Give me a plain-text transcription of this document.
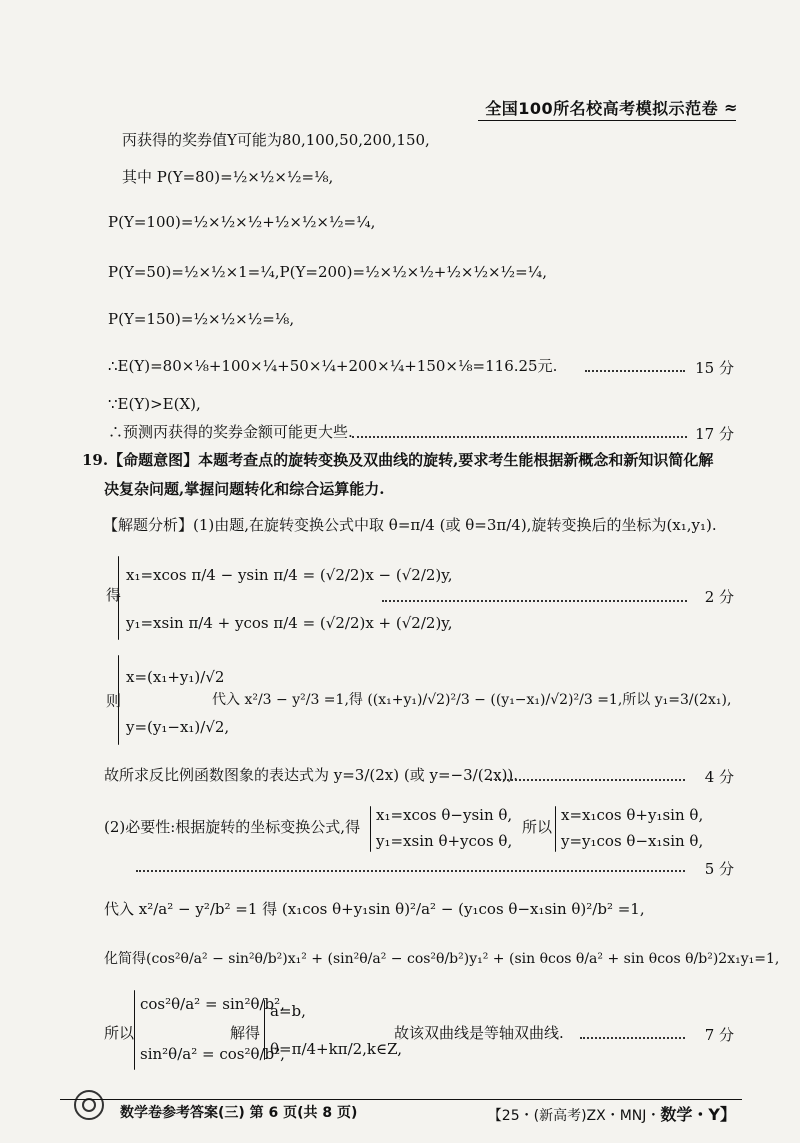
全国100所名校高考模拟示范卷 ≈
丙获得的奖券值Y可能为80,100,50,200,150,
其中 P(Y=80)=½×½×½=⅛,
P(Y=100)=½×½×½+½×½×½=¼,
P(Y=50)=½×½×1=¼,P(Y=200)=½×½×½+½×½×½=¼,
P(Y=150)=½×½×½=⅛,
∴E(Y)=80×⅛+100×¼+50×¼+200×¼+150×⅛=116.25元.	15 分
∵E(Y)>E(X),
∴预测丙获得的奖券金额可能更大些.	17 分
19.【命题意图】本题考查点的旋转变换及双曲线的旋转,要求考生能根据新概念和新知识简化解
决复杂问题,掌握问题转化和综合运算能力.
【解题分析】(1)由题,在旋转变换公式中取 θ=π/4 (或 θ=3π/4),旋转变换后的坐标为(x₁,y₁).
得
x₁=xcos π/4 − ysin π/4 = (√2/2)x − (√2/2)y,
y₁=xsin π/4 + ycos π/4 = (√2/2)x + (√2/2)y,
2 分
则
x=(x₁+y₁)/√2
y=(y₁−x₁)/√2,
代入 x²/3 − y²/3 =1,得 ((x₁+y₁)/√2)²/3 − ((y₁−x₁)/√2)²/3 =1,所以 y₁=3/(2x₁),
故所求反比例函数图象的表达式为 y=3/(2x) (或 y=−3/(2x)).	4 分
(2)必要性:根据旋转的坐标变换公式,得
x₁=xcos θ−ysin θ,
y₁=xsin θ+ycos θ,
所以
x=x₁cos θ+y₁sin θ,
y=y₁cos θ−x₁sin θ,
5 分
代入 x²/a² − y²/b² =1 得 (x₁cos θ+y₁sin θ)²/a² − (y₁cos θ−x₁sin θ)²/b² =1,
化简得(cos²θ/a² − sin²θ/b²)x₁² + (sin²θ/a² − cos²θ/b²)y₁² + (sin θcos θ/a² + sin θcos θ/b²)2x₁y₁=1,
所以
cos²θ/a² = sin²θ/b²,
sin²θ/a² = cos²θ/b²,
解得
a=b,
θ=π/4+kπ/2,k∈Z,
故该双曲线是等轴双曲线.	7 分
数学卷参考答案(三) 第 6 页(共 8 页)	【25・(新高考)ZX・MNJ・数学・Y】
